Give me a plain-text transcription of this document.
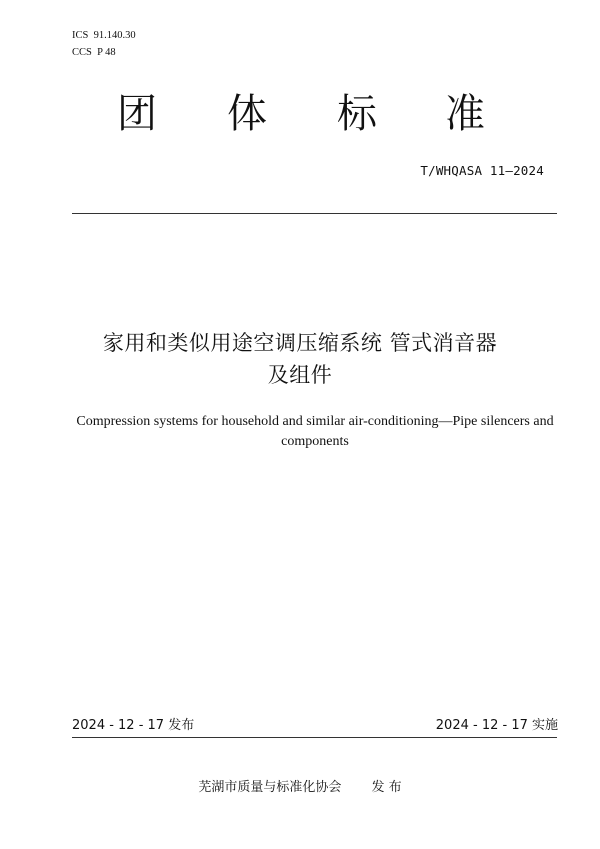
ICS  91.140.30
CCS  P 48
团 体 标 准
T/WHQASA 11—2024
家用和类似用途空调压缩系统 管式消音器
及组件
Compression systems for household and similar air-conditioning—Pipe silencers and components
2024 - 12 - 17 发布	2024 - 12 - 17 实施
芜湖市质量与标准化协会 发 布
